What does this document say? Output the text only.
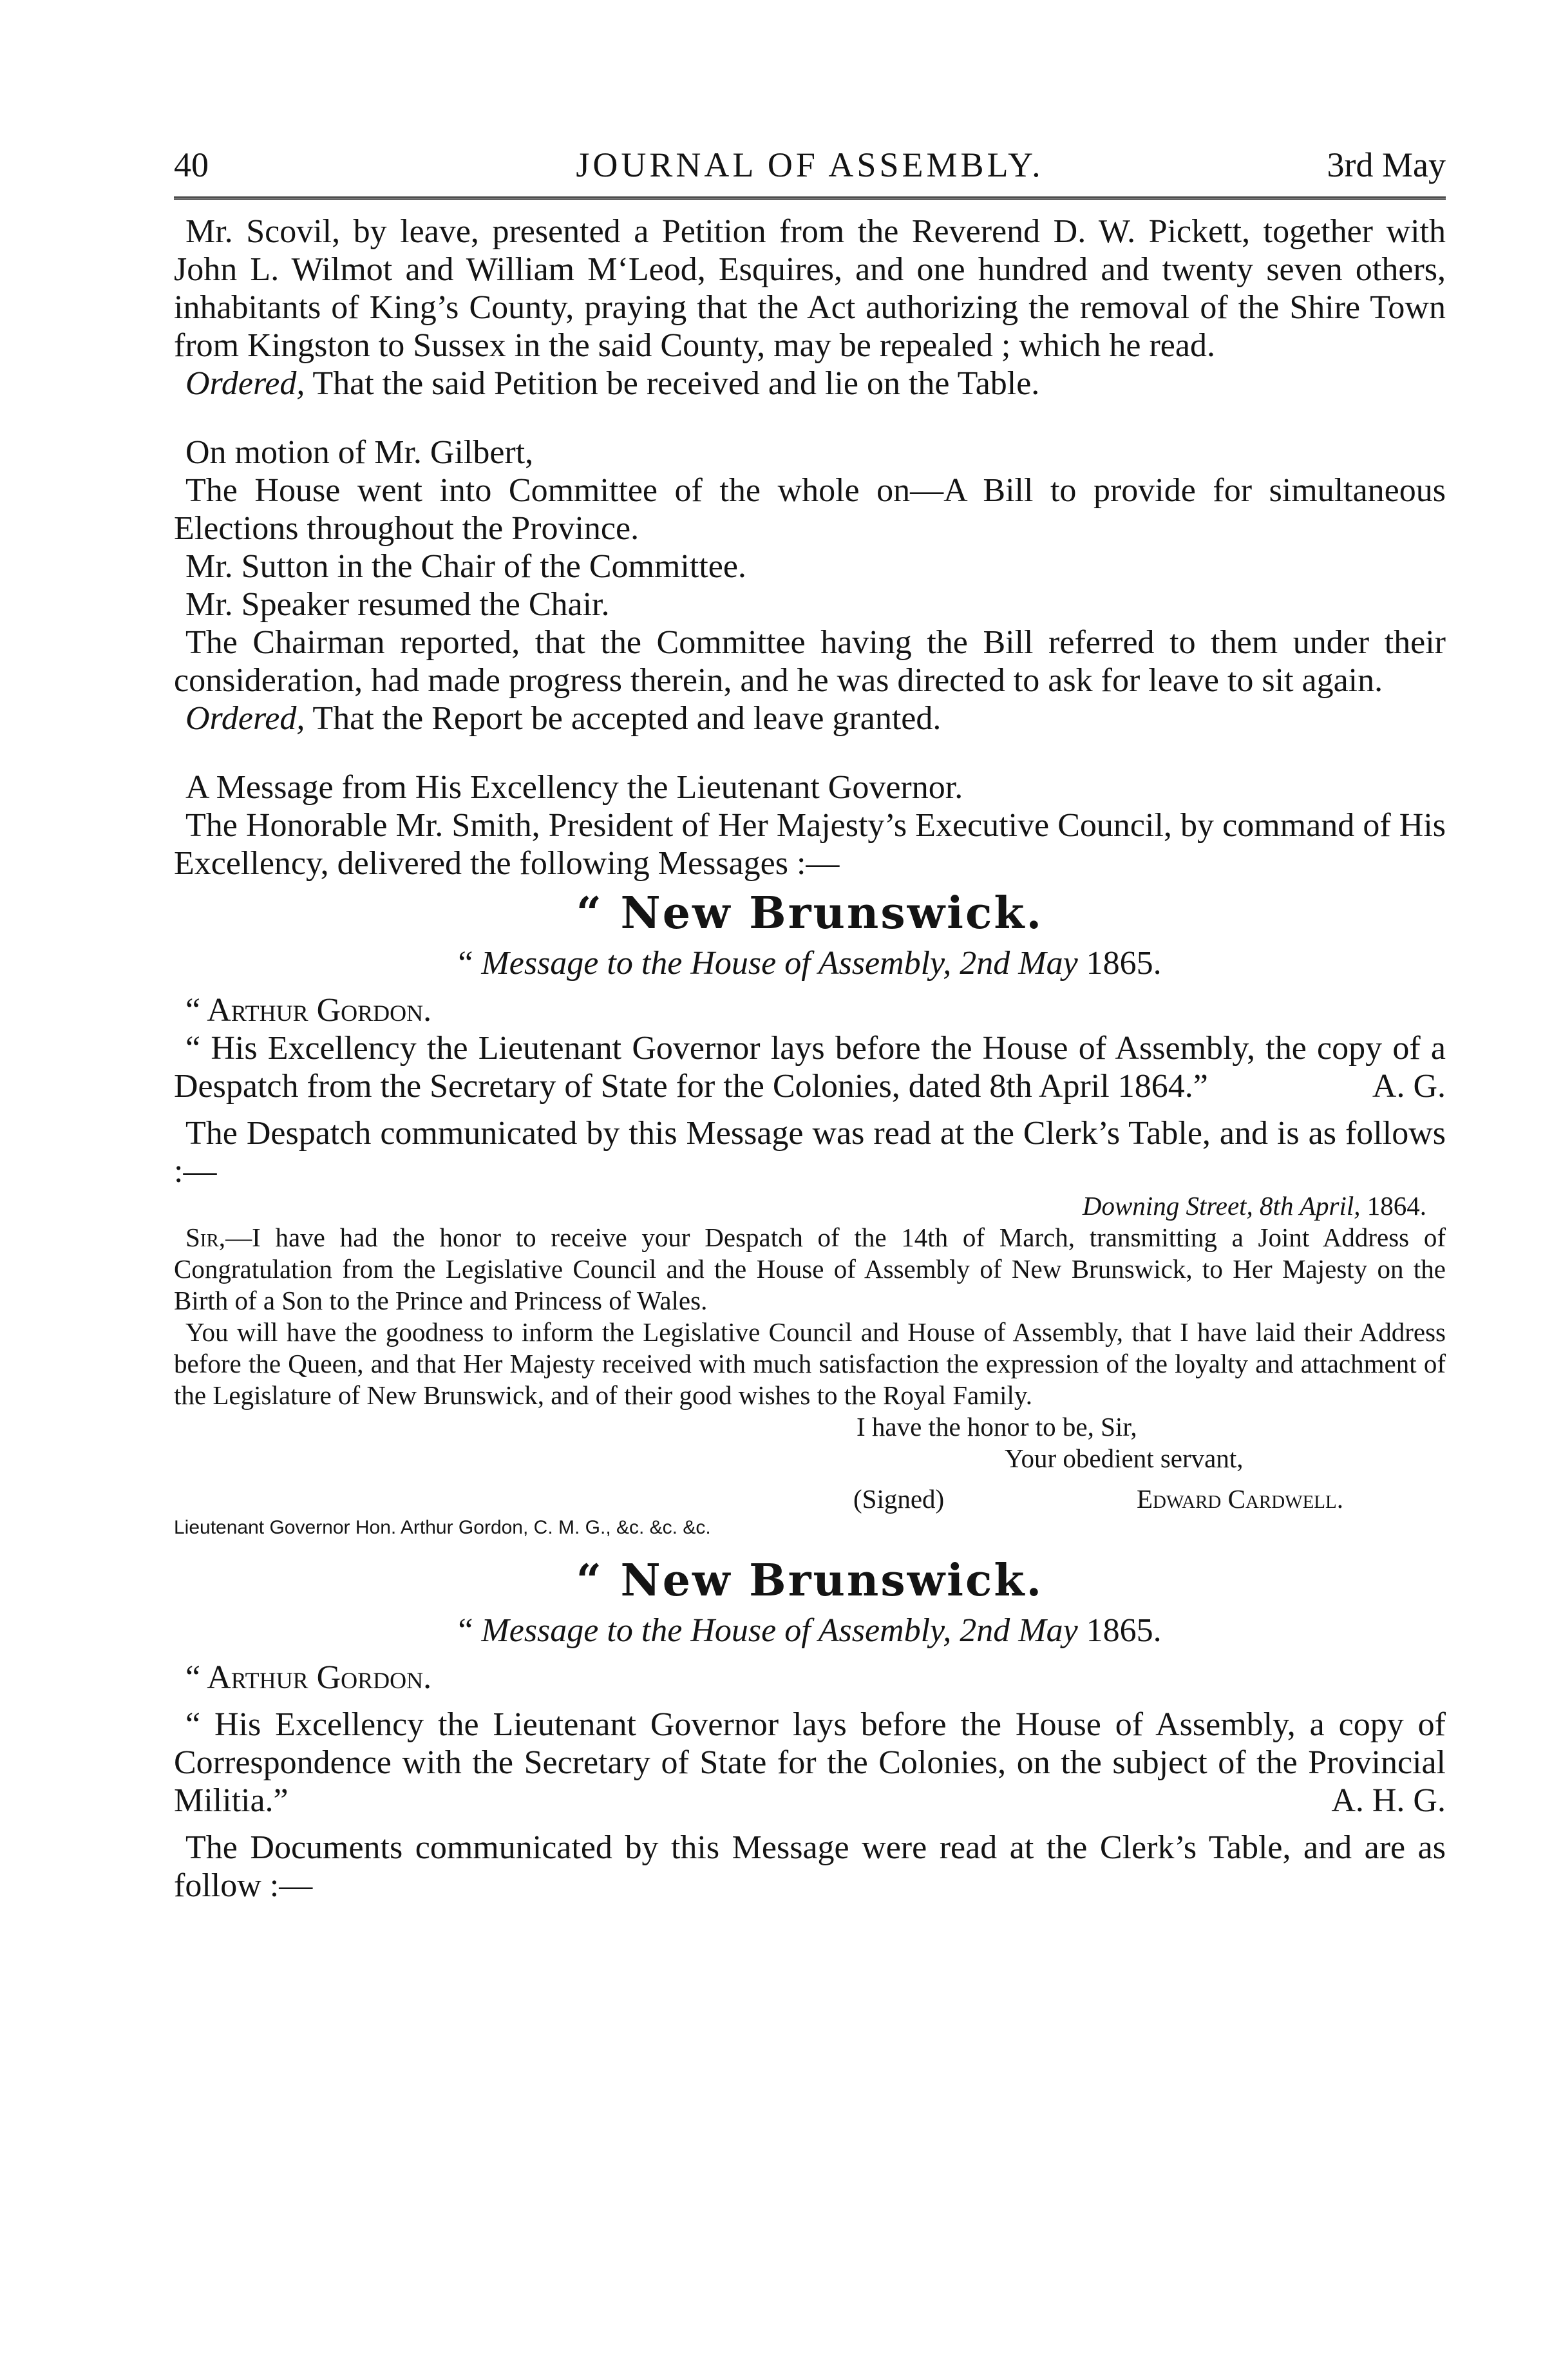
40	JOURNAL OF ASSEMBLY.	3rd May

Mr. Scovil, by leave, presented a Petition from the Reverend D. W. Pickett, together with John L. Wilmot and William M‘Leod, Esquires, and one hundred and twenty seven others, inhabitants of King’s County, praying that the Act authorizing the removal of the Shire Town from Kingston to Sussex in the said County, may be repealed ; which he read.

Ordered, That the said Petition be received and lie on the Table.

On motion of Mr. Gilbert,

The House went into Committee of the whole on—A Bill to provide for simultaneous Elections throughout the Province.

Mr. Sutton in the Chair of the Committee.

Mr. Speaker resumed the Chair.

The Chairman reported, that the Committee having the Bill referred to them under their consideration, had made progress therein, and he was directed to ask for leave to sit again.

Ordered, That the Report be accepted and leave granted.

A Message from His Excellency the Lieutenant Governor.

The Honorable Mr. Smith, President of Her Majesty’s Executive Council, by command of His Excellency, delivered the following Messages :—

“ New Brunswick.

“ Message to the House of Assembly, 2nd May 1865.

“ Arthur Gordon.

“ His Excellency the Lieutenant Governor lays before the House of Assembly, the copy of a Despatch from the Secretary of State for the Colonies, dated 8th April 1864.”	A. G.

The Despatch communicated by this Message was read at the Clerk’s Table, and is as follows :—

Downing Street, 8th April, 1864.

Sir,—I have had the honor to receive your Despatch of the 14th of March, transmitting a Joint Address of Congratulation from the Legislative Council and the House of Assembly of New Brunswick, to Her Majesty on the Birth of a Son to the Prince and Princess of Wales.

You will have the goodness to inform the Legislative Council and House of Assembly, that I have laid their Address before the Queen, and that Her Majesty received with much satisfaction the expression of the loyalty and attachment of the Legislature of New Brunswick, and of their good wishes to the Royal Family.

I have the honor to be, Sir,

Your obedient servant,

(Signed)	Edward Cardwell.

Lieutenant Governor Hon. Arthur Gordon, C. M. G., &c. &c. &c.

“ New Brunswick.

“ Message to the House of Assembly, 2nd May 1865.

“ Arthur Gordon.

“ His Excellency the Lieutenant Governor lays before the House of Assembly, a copy of Correspondence with the Secretary of State for the Colonies, on the subject of the Provincial Militia.”	A. H. G.

The Documents communicated by this Message were read at the Clerk’s Table, and are as follow :—
